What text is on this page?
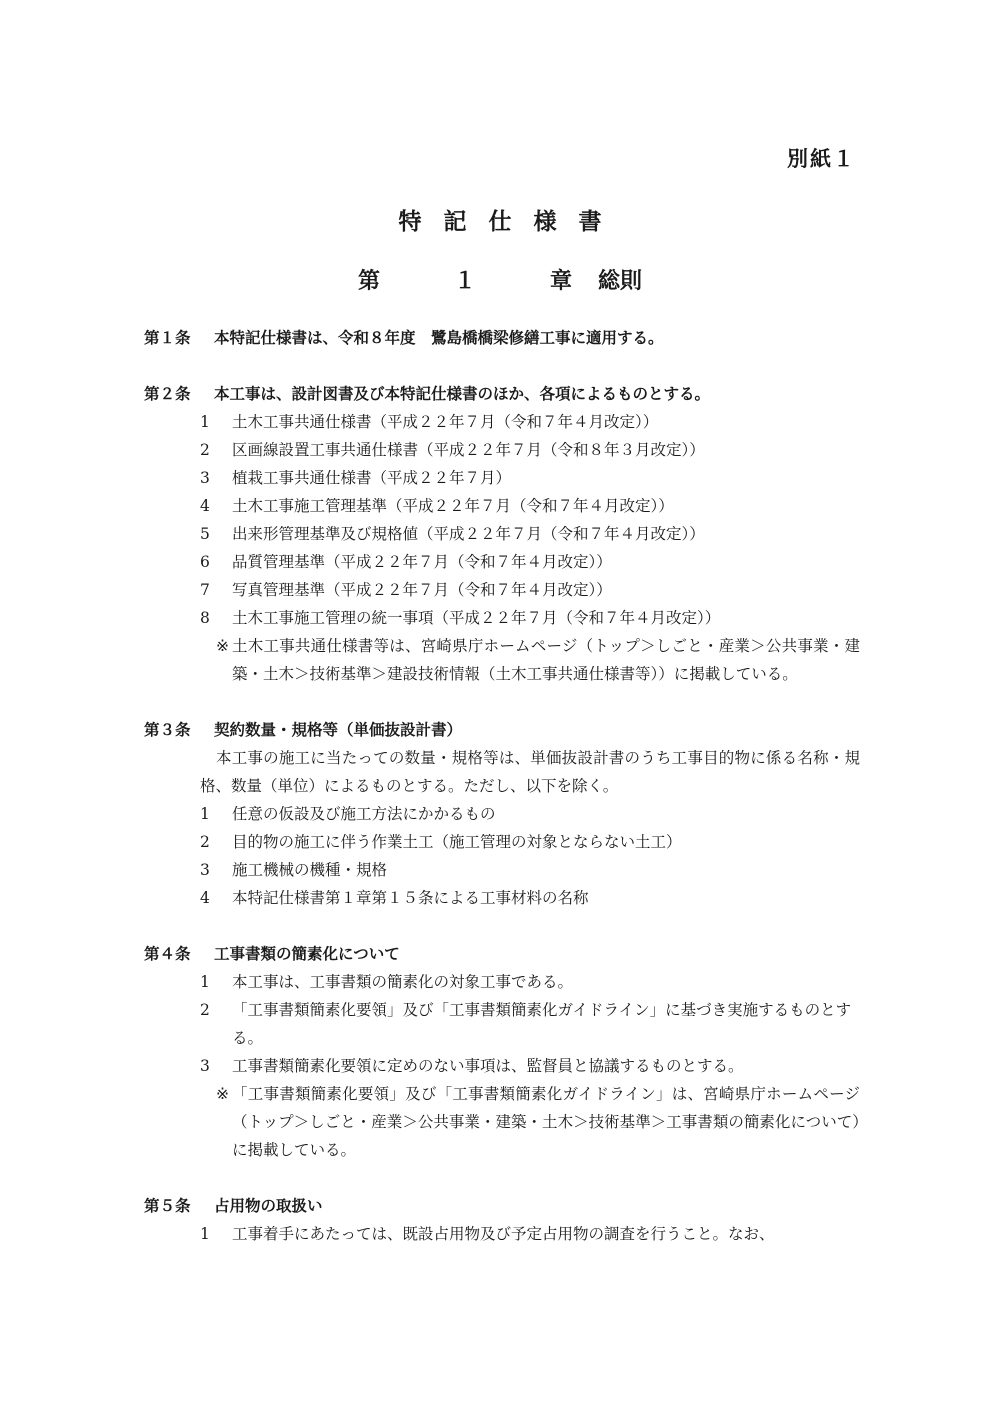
別紙１
特記仕様書
第　１　章総則
第１条 本特記仕様書は、令和８年度　鷺島橋橋梁修繕工事に適用する。
第２条 本工事は、設計図書及び本特記仕様書のほか、各項によるものとする。
1	土木工事共通仕様書（平成２２年７月（令和７年４月改定））
2	区画線設置工事共通仕様書（平成２２年７月（令和８年３月改定））
3	植栽工事共通仕様書（平成２２年７月）
4	土木工事施工管理基準（平成２２年７月（令和７年４月改定））
5	出来形管理基準及び規格値（平成２２年７月（令和７年４月改定））
6	品質管理基準（平成２２年７月（令和７年４月改定））
7	写真管理基準（平成２２年７月（令和７年４月改定））
8	土木工事施工管理の統一事項（平成２２年７月（令和７年４月改定））
※ 土木工事共通仕様書等は、宮崎県庁ホームページ（トップ＞しごと・産業＞公共事業・建築・土木＞技術基準＞建設技術情報（土木工事共通仕様書等））に掲載している。
第３条 契約数量・規格等（単価抜設計書）
本工事の施工に当たっての数量・規格等は、単価抜設計書のうち工事目的物に係る名称・規格、数量（単位）によるものとする。ただし、以下を除く。
1	任意の仮設及び施工方法にかかるもの
2	目的物の施工に伴う作業土工（施工管理の対象とならない土工）
3	施工機械の機種・規格
4	本特記仕様書第１章第１５条による工事材料の名称
第４条 工事書類の簡素化について
1	本工事は、工事書類の簡素化の対象工事である。
2	「工事書類簡素化要領」及び「工事書類簡素化ガイドライン」に基づき実施するものとする。
3	工事書類簡素化要領に定めのない事項は、監督員と協議するものとする。
※ 「工事書類簡素化要領」及び「工事書類簡素化ガイドライン」は、宮崎県庁ホームページ（トップ＞しごと・産業＞公共事業・建築・土木＞技術基準＞工事書類の簡素化について）に掲載している。
第５条 占用物の取扱い
1	工事着手にあたっては、既設占用物及び予定占用物の調査を行うこと。なお、
